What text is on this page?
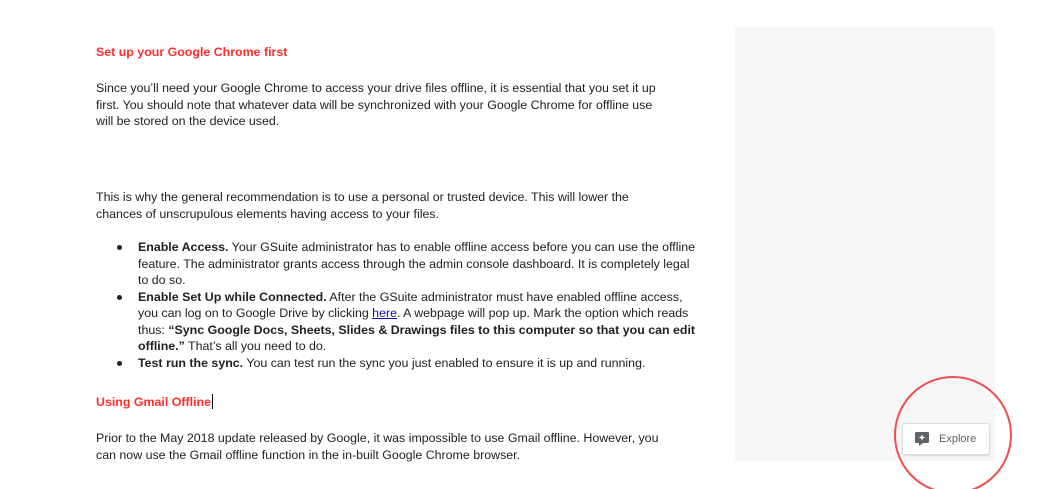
Set up your Google Chrome first

Since you’ll need your Google Chrome to access your drive files offline, it is essential that you set it up first. You should note that whatever data will be synchronized with your Google Chrome for offline use will be stored on the device used.

This is why the general recommendation is to use a personal or trusted device. This will lower the chances of unscrupulous elements having access to your files.

Enable Access. Your GSuite administrator has to enable offline access before you can use the offline feature. The administrator grants access through the admin console dashboard. It is completely legal to do so.
Enable Set Up while Connected. After the GSuite administrator must have enabled offline access, you can log on to Google Drive by clicking here. A webpage will pop up. Mark the option which reads thus: “Sync Google Docs, Sheets, Slides & Drawings files to this computer so that you can edit offline.” That’s all you need to do.
Test run the sync. You can test run the sync you just enabled to ensure it is up and running.

Using Gmail Offline

Prior to the May 2018 update released by Google, it was impossible to use Gmail offline. However, you can now use the Gmail offline function in the in-built Google Chrome browser.

Explore
